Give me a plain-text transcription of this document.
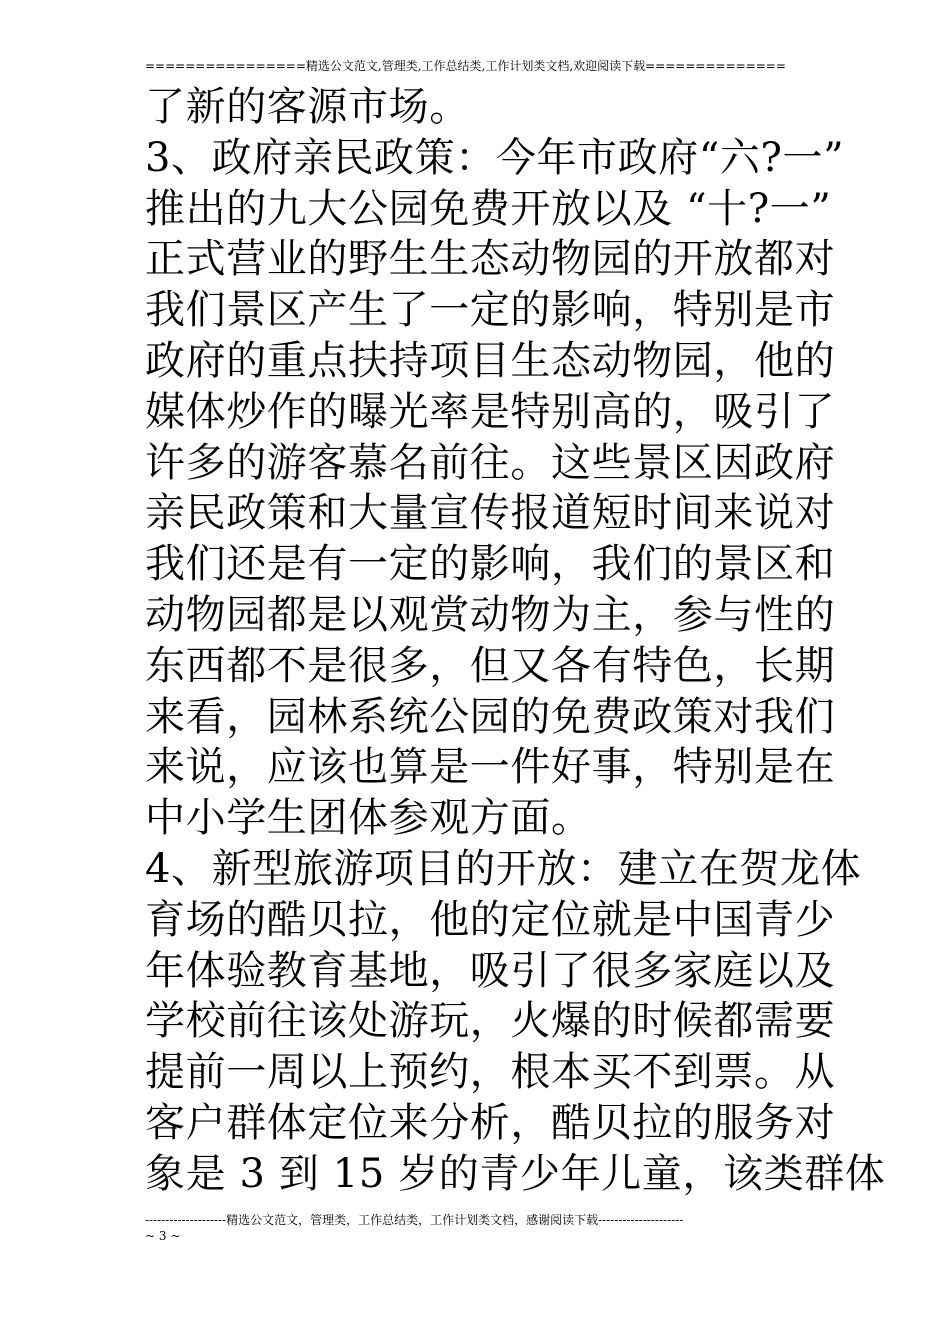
================精选公文范文,管理类,工作总结类,工作计划类文档,欢迎阅读下载==============
了新的客源市场。
3、政府亲民政策：今年市政府“六?一”
推出的九大公园免费开放以及 “十?一”
正式营业的野生生态动物园的开放都对
我们景区产生了一定的影响，特别是市
政府的重点扶持项目生态动物园，他的
媒体炒作的曝光率是特别高的，吸引了
许多的游客慕名前往。这些景区因政府
亲民政策和大量宣传报道短时间来说对
我们还是有一定的影响，我们的景区和
动物园都是以观赏动物为主，参与性的
东西都不是很多，但又各有特色，长期
来看，园林系统公园的免费政策对我们
来说，应该也算是一件好事，特别是在
中小学生团体参观方面。
4、新型旅游项目的开放：建立在贺龙体
育场的酷贝拉，他的定位就是中国青少
年体验教育基地，吸引了很多家庭以及
学校前往该处游玩，火爆的时候都需要
提前一周以上预约，根本买不到票。从
客户群体定位来分析，酷贝拉的服务对
象是 3 到 15 岁的青少年儿童，该类群体
--------------------精选公文范文，管理类，工作总结类，工作计划类文档，感谢阅读下载---------------------
~ 3 ~
